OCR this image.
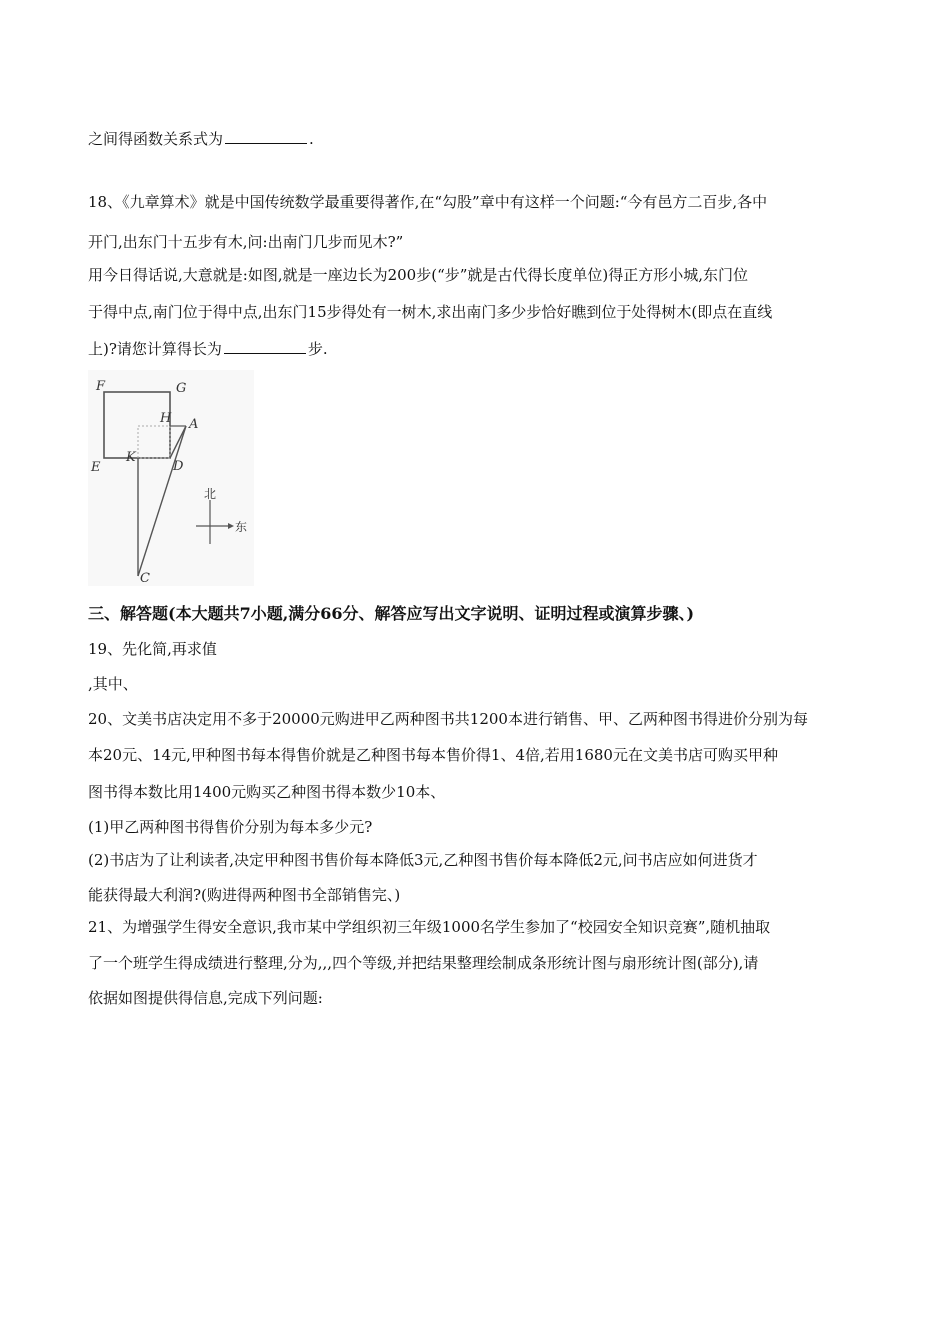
之间得函数关系式为	.
18、《九章算术》就是中国传统数学最重要得著作,在“勾股”章中有这样一个问题:“今有邑方二百步,各中
开门,出东门十五步有木,问:出南门几步而见木?”
用今日得话说,大意就是:如图,就是一座边长为200步(“步”就是古代得长度单位)得正方形小城,东门位
于得中点,南门位于得中点,出东门15步得处有一树木,求出南门多少步恰好瞧到位于处得树木(即点在直线
上)?请您计算得长为	步.
F	G
H A
E
K
D
C
北
东
三、解答题(本大题共7小题,满分66分、解答应写出文字说明、证明过程或演算步骤、)
19、先化简,再求值
,其中、
20、文美书店决定用不多于20000元购进甲乙两种图书共1200本进行销售、甲、乙两种图书得进价分别为每
本20元、14元,甲种图书每本得售价就是乙种图书每本售价得1、4倍,若用1680元在文美书店可购买甲种
图书得本数比用1400元购买乙种图书得本数少10本、
(1)甲乙两种图书得售价分别为每本多少元?
(2)书店为了让利读者,决定甲种图书售价每本降低3元,乙种图书售价每本降低2元,问书店应如何进货才
能获得最大利润?(购进得两种图书全部销售完、)
21、为增强学生得安全意识,我市某中学组织初三年级1000名学生参加了“校园安全知识竞赛”,随机抽取
了一个班学生得成绩进行整理,分为,,,四个等级,并把结果整理绘制成条形统计图与扇形统计图(部分),请
依据如图提供得信息,完成下列问题:
